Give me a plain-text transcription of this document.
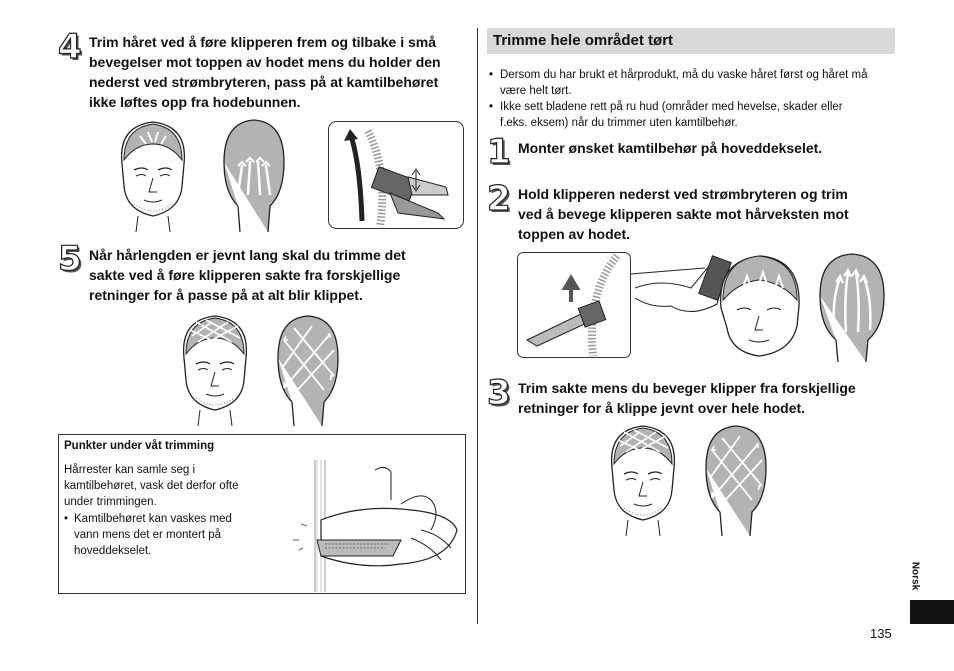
4 Trim håret ved å føre klipperen frem og tilbake i små
bevegelser mot toppen av hodet mens du holder den
nederst ved strømbryteren, pass på at kamtilbehøret
ikke løftes opp fra hodebunnen.
5 Når hårlengden er jevnt lang skal du trimme det
sakte ved å føre klipperen sakte fra forskjellige
retninger for å passe på at alt blir klippet.
Punkter under våt trimming
Hårrester kan samle seg i
kamtilbehøret, vask det derfor ofte
under trimmingen.
• Kamtilbehøret kan vaskes med
vann mens det er montert på
hoveddekselet.
Trimme hele området tørt
• Dersom du har brukt et hårprodukt, må du vaske håret først og håret må
være helt tørt.
• Ikke sett bladene rett på ru hud (områder med hevelse, skader eller
f.eks. eksem) når du trimmer uten kamtilbehør.
1 Monter ønsket kamtilbehør på hoveddekselet.
2 Hold klipperen nederst ved strømbryteren og trim
ved å bevege klipperen sakte mot hårveksten mot
toppen av hodet.
3 Trim sakte mens du beveger klipper fra forskjellige
retninger for å klippe jevnt over hele hodet.
Norsk
135
